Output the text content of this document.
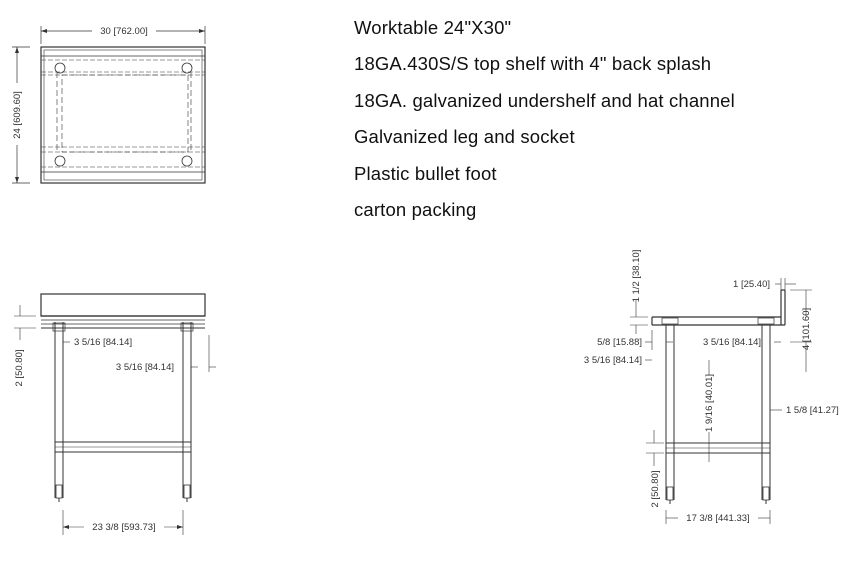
Worktable 24"X30"
18GA.430S/S top shelf with 4" back splash
18GA. galvanized undershelf and hat channel
Galvanized leg and socket
Plastic bullet foot
carton packing
30 [762.00]
24 [609.60]
2 [50.80]
3 5/16 [84.14]
3 5/16 [84.14]
23 3/8 [593.73]
1 1/2 [38.10]	1 [25.40]
4 [101.60]
5/8 [15.88]
3 5/16 [84.14]
3 5/16 [84.14]
1 9/16 [40.01]	1 5/8 [41.27]
2 [50.80]
17 3/8 [441.33]
